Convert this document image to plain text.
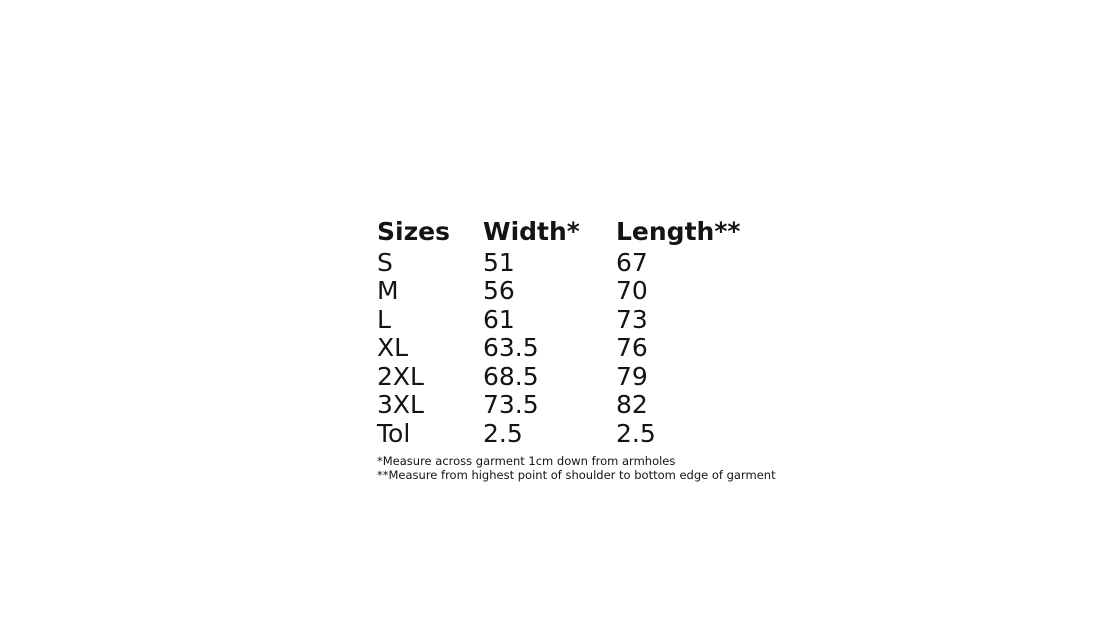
Sizes	Width*	Length**
S	51	67
M	56	70
L	61	73
XL	63.5	76
2XL	68.5	79
3XL	73.5	82
Tol	2.5	2.5
*Measure across garment 1cm down from armholes
**Measure from highest point of shoulder to bottom edge of garment
